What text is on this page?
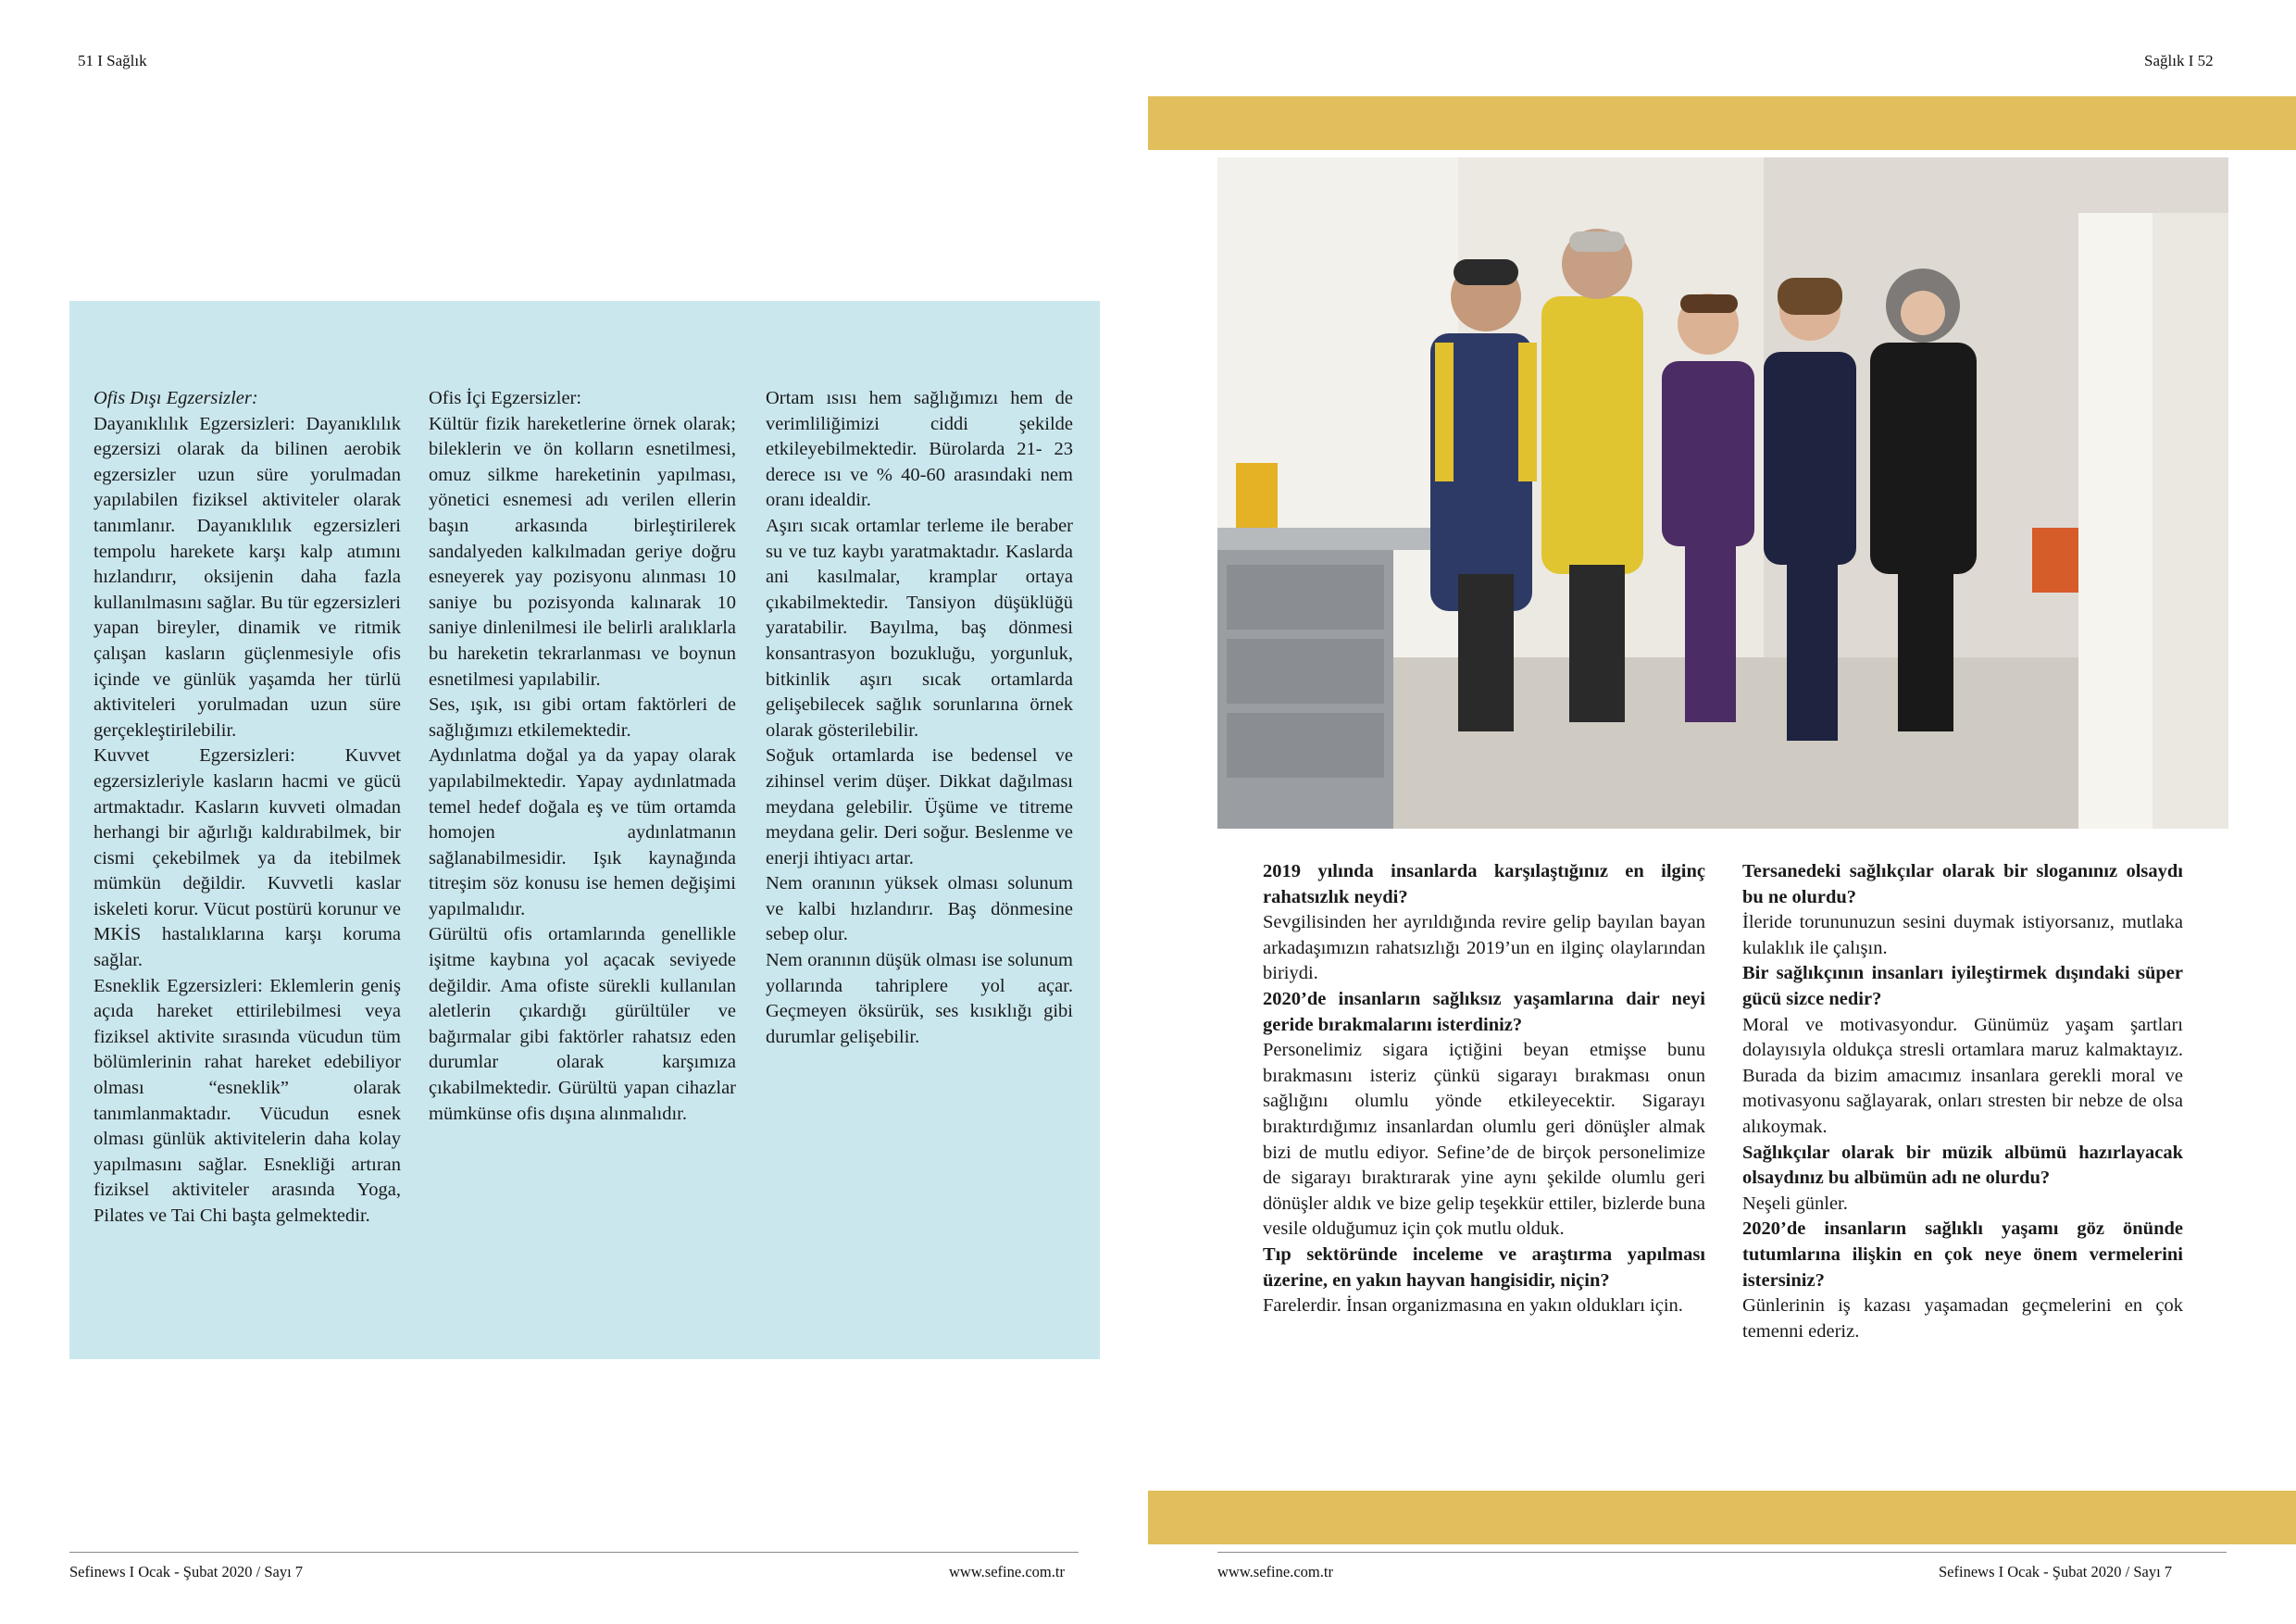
51 I Sağlık

Ofis Dışı Egzersizler:

Dayanıklılık Egzersizleri: Dayanıklılık egzersizi olarak da bilinen aerobik egzersizler uzun süre yorulmadan yapılabilen fiziksel aktiviteler olarak tanımlanır. Dayanıklılık egzersizleri tempolu harekete karşı kalp atımını hızlandırır, oksijenin daha fazla kullanılmasını sağlar. Bu tür egzersizleri yapan bireyler, dinamik ve ritmik çalışan kasların güçlenmesiyle ofis içinde ve günlük yaşamda her türlü aktiviteleri yorulmadan uzun süre gerçekleştirilebilir.

Kuvvet Egzersizleri: Kuvvet egzersizleriyle kasların hacmi ve gücü artmaktadır. Kasların kuvveti olmadan herhangi bir ağırlığı kaldırabilmek, bir cismi çekebilmek ya da itebilmek mümkün değildir. Kuvvetli kaslar iskeleti korur. Vücut postürü korunur ve MKİS hastalıklarına karşı koruma sağlar.

Esneklik Egzersizleri: Eklemlerin geniş açıda hareket ettirilebilmesi veya fiziksel aktivite sırasında vücudun tüm bölümlerinin rahat hareket edebiliyor olması “esneklik” olarak tanımlanmaktadır. Vücudun esnek olması günlük aktivitelerin daha kolay yapılmasını sağlar. Esnekliği artıran fiziksel aktiviteler arasında Yoga, Pilates ve Tai Chi başta gelmektedir.

Ofis İçi Egzersizler:

Kültür fizik hareketlerine örnek olarak; bileklerin ve ön kolların esnetilmesi, omuz silkme hareketinin yapılması, yönetici esnemesi adı verilen ellerin başın arkasında birleştirilerek sandalyeden kalkılmadan geriye doğru esneyerek yay pozisyonu alınması 10 saniye bu pozisyonda kalınarak 10 saniye dinlenilmesi ile belirli aralıklarla bu hareketin tekrarlanması ve boynun esnetilmesi yapılabilir.

Ses, ışık, ısı gibi ortam faktörleri de sağlığımızı etkilemektedir.

Aydınlatma doğal ya da yapay olarak yapılabilmektedir. Yapay aydınlatmada temel hedef doğala eş ve tüm ortamda homojen aydınlatmanın sağlanabilmesidir. Işık kaynağında titreşim söz konusu ise hemen değişimi yapılmalıdır.

Gürültü ofis ortamlarında genellikle işitme kaybına yol açacak seviyede değildir. Ama ofiste sürekli kullanılan aletlerin çıkardığı gürültüler ve bağırmalar gibi faktörler rahatsız eden durumlar olarak karşımıza çıkabilmektedir. Gürültü yapan cihazlar mümkünse ofis dışına alınmalıdır.

Ortam ısısı hem sağlığımızı hem de verimliliğimizi ciddi şekilde etkileyebilmektedir. Bürolarda 21- 23 derece ısı ve % 40-60 arasındaki nem oranı idealdir.

Aşırı sıcak ortamlar terleme ile beraber su ve tuz kaybı yaratmaktadır. Kaslarda ani kasılmalar, kramplar ortaya çıkabilmektedir. Tansiyon düşüklüğü yaratabilir. Bayılma, baş dönmesi konsantrasyon bozukluğu, yorgunluk, bitkinlik aşırı sıcak ortamlarda gelişebilecek sağlık sorunlarına örnek olarak gösterilebilir.

Soğuk ortamlarda ise bedensel ve zihinsel verim düşer. Dikkat dağılması meydana gelebilir. Üşüme ve titreme meydana gelir. Deri soğur. Beslenme ve enerji ihtiyacı artar.

Nem oranının yüksek olması solunum ve kalbi hızlandırır. Baş dönmesine sebep olur.

Nem oranının düşük olması ise solunum yollarında tahriplere yol açar. Geçmeyen öksürük, ses kısıklığı gibi durumlar gelişebilir.

Sefinews I Ocak - Şubat 2020 / Sayı 7	www.sefine.com.tr
Sağlık I 52

2019 yılında insanlarda karşılaştığınız en ilginç rahatsızlık neydi?

Sevgilisinden her ayrıldığında revire gelip bayılan bayan arkadaşımızın rahatsızlığı 2019’un en ilginç olaylarından biriydi.

2020’de insanların sağlıksız yaşamlarına dair neyi geride bırakmalarını isterdiniz?

Personelimiz sigara içtiğini beyan etmişse bunu bırakmasını isteriz çünkü sigarayı bırakması onun sağlığını olumlu yönde etkileyecektir. Sigarayı bıraktırdığımız insanlardan olumlu geri dönüşler almak bizi de mutlu ediyor. Sefine’de de birçok personelimize de sigarayı bıraktırarak yine aynı şekilde olumlu geri dönüşler aldık ve bize gelip teşekkür ettiler, bizlerde buna vesile olduğumuz için çok mutlu olduk.

Tıp sektöründe inceleme ve araştırma yapılması üzerine, en yakın hayvan hangisidir, niçin?

Farelerdir. İnsan organizmasına en yakın oldukları için.

Tersanedeki sağlıkçılar olarak bir sloganınız olsaydı bu ne olurdu?

İleride torununuzun sesini duymak istiyorsanız, mutlaka kulaklık ile çalışın.

Bir sağlıkçının insanları iyileştirmek dışındaki süper gücü sizce nedir?

Moral ve motivasyondur. Günümüz yaşam şartları dolayısıyla oldukça stresli ortamlara maruz kalmaktayız. Burada da bizim amacımız insanlara gerekli moral ve motivasyonu sağlayarak, onları stresten bir nebze de olsa alıkoymak.

Sağlıkçılar olarak bir müzik albümü hazırlayacak olsaydınız bu albümün adı ne olurdu?

Neşeli günler.

2020’de insanların sağlıklı yaşamı göz önünde tutumlarına ilişkin en çok neye önem vermelerini istersiniz?

Günlerinin iş kazası yaşamadan geçmelerini en çok temenni ederiz.

www.sefine.com.tr	Sefinews I Ocak - Şubat 2020 / Sayı 7
